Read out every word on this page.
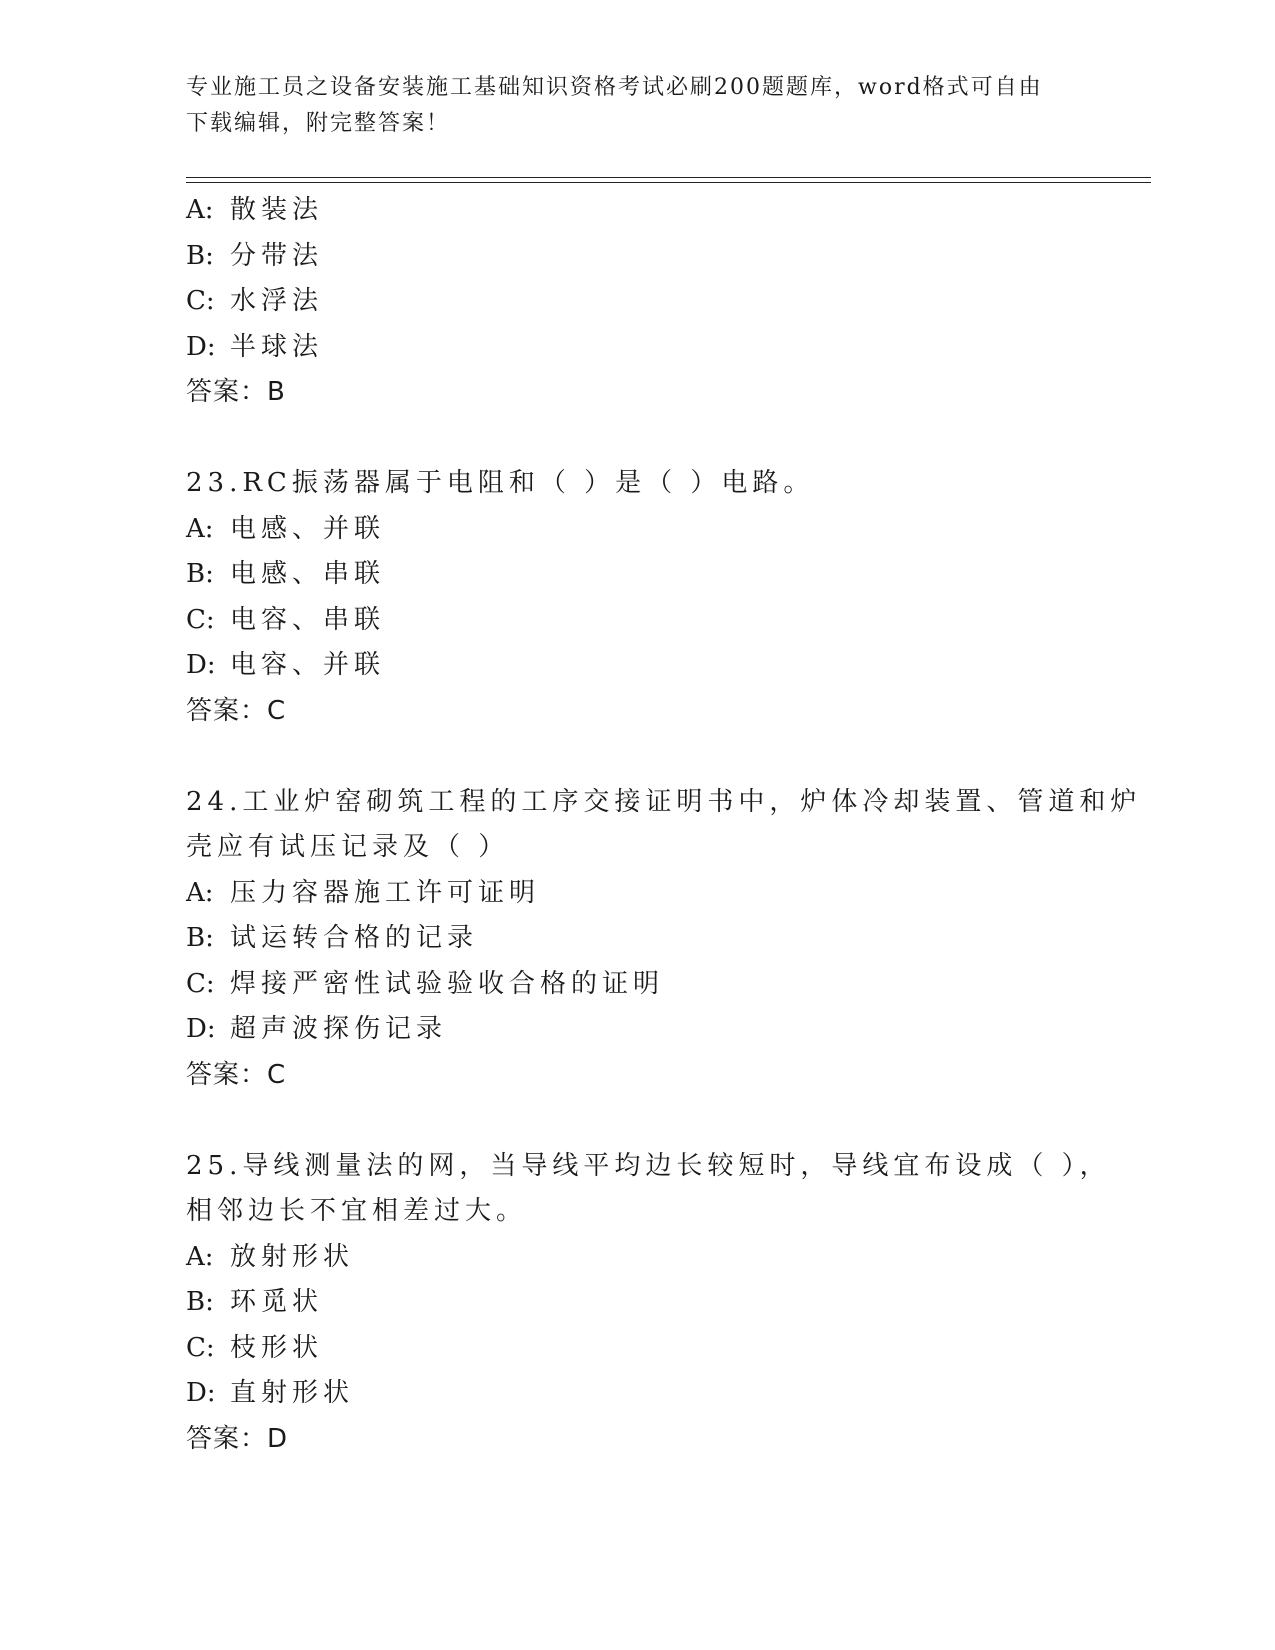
专业施工员之设备安装施工基础知识资格考试必刷200题题库，word格式可自由
下载编辑，附完整答案！
A: 散装法
B: 分带法
C: 水浮法
D: 半球法
答案：B
23.RC振荡器属于电阻和（ ）是（ ）电路。
A: 电感、并联
B: 电感、串联
C: 电容、串联
D: 电容、并联
答案：C
24.工业炉窑砌筑工程的工序交接证明书中，炉体冷却装置、管道和炉
壳应有试压记录及（ ）
A: 压力容器施工许可证明
B: 试运转合格的记录
C: 焊接严密性试验验收合格的证明
D: 超声波探伤记录
答案：C
25.导线测量法的网，当导线平均边长较短时，导线宜布设成（ ），
相邻边长不宜相差过大。
A: 放射形状
B: 环觅状
C: 枝形状
D: 直射形状
答案：D
